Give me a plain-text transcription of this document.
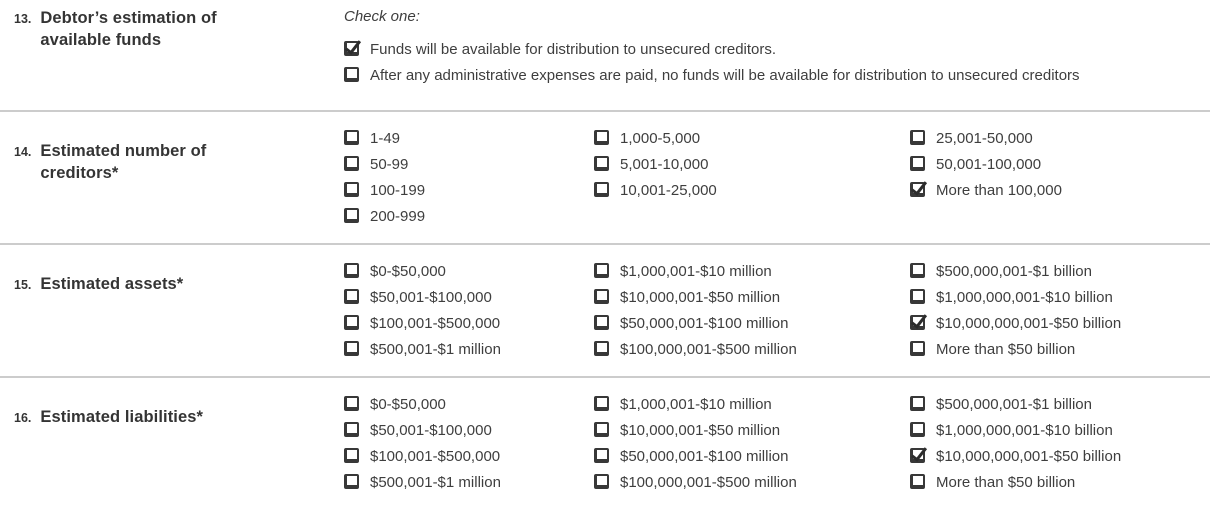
13. Debtor’s estimation of available funds

Check one:

Funds will be available for distribution to unsecured creditors.
After any administrative expenses are paid, no funds will be available for distribution to unsecured creditors
14. Estimated number of creditors*
1-49
50-99
100-199
200-999
1,000-5,000
5,001-10,000
10,001-25,000
25,001-50,000
50,001-100,000
More than 100,000
15. Estimated assets*
$0-$50,000
$50,001-$100,000
$100,001-$500,000
$500,001-$1 million
$1,000,001-$10 million
$10,000,001-$50 million
$50,000,001-$100 million
$100,000,001-$500 million
$500,000,001-$1 billion
$1,000,000,001-$10 billion
$10,000,000,001-$50 billion
More than $50 billion
16. Estimated liabilities*
$0-$50,000
$50,001-$100,000
$100,001-$500,000
$500,001-$1 million
$1,000,001-$10 million
$10,000,001-$50 million
$50,000,001-$100 million
$100,000,001-$500 million
$500,000,001-$1 billion
$1,000,000,001-$10 billion
$10,000,000,001-$50 billion
More than $50 billion
